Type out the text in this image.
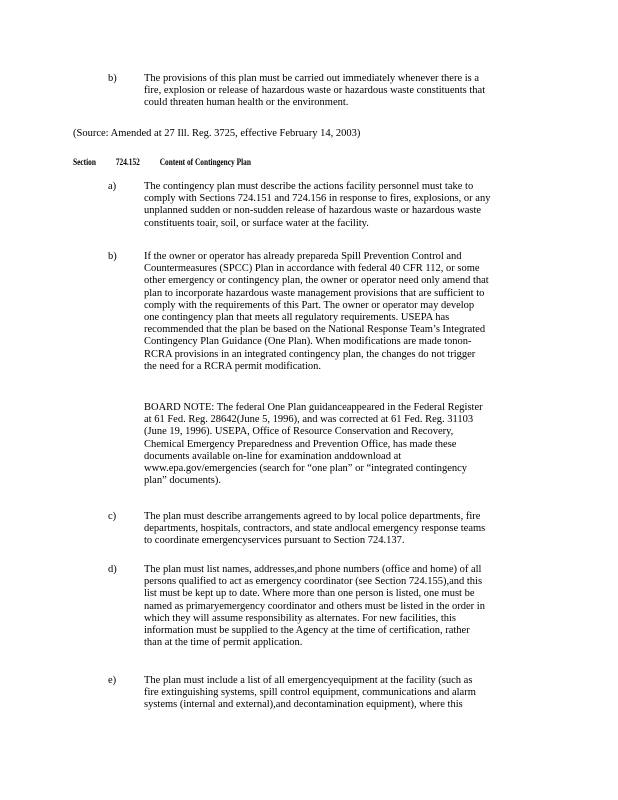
b)	The provisions of this plan must be carried out immediately whenever there is a
fire, explosion or release of hazardous waste or hazardous waste constituents that
could threaten human health or the environment.
(Source: Amended at 27 Ill. Reg. 3725, effective February 14, 2003)
Section 724.152 Content of Contingency Plan
a)	The contingency plan must describe the actions facility personnel must take to
comply with Sections 724.151 and 724.156 in response to fires, explosions, or any
unplanned sudden or non-sudden release of hazardous waste or hazardous waste
constituents toair, soil, or surface water at the facility.
b)	If the owner or operator has already prepareda Spill Prevention Control and
Countermeasures (SPCC) Plan in accordance with federal 40 CFR 112, or some
other emergency or contingency plan, the owner or operator need only amend that
plan to incorporate hazardous waste management provisions that are sufficient to
comply with the requirements of this Part. The owner or operator may develop
one contingency plan that meets all regulatory requirements. USEPA has
recommended that the plan be based on the National Response Team’s Integrated
Contingency Plan Guidance (One Plan). When modifications are made tonon-
RCRA provisions in an integrated contingency plan, the changes do not trigger
the need for a RCRA permit modification.
BOARD NOTE: The federal One Plan guidanceappeared in the Federal Register
at 61 Fed. Reg. 28642(June 5, 1996), and was corrected at 61 Fed. Reg. 31103
(June 19, 1996). USEPA, Office of Resource Conservation and Recovery,
Chemical Emergency Preparedness and Prevention Office, has made these
documents available on-line for examination anddownload at
www.epa.gov/emergencies (search for “one plan” or “integrated contingency
plan” documents).
c)	The plan must describe arrangements agreed to by local police departments, fire
departments, hospitals, contractors, and state andlocal emergency response teams
to coordinate emergencyservices pursuant to Section 724.137.
d)	The plan must list names, addresses,and phone numbers (office and home) of all
persons qualified to act as emergency coordinator (see Section 724.155),and this
list must be kept up to date. Where more than one person is listed, one must be
named as primaryemergency coordinator and others must be listed in the order in
which they will assume responsibility as alternates. For new facilities, this
information must be supplied to the Agency at the time of certification, rather
than at the time of permit application.
e)	The plan must include a list of all emergencyequipment at the facility (such as
fire extinguishing systems, spill control equipment, communications and alarm
systems (internal and external),and decontamination equipment), where this
